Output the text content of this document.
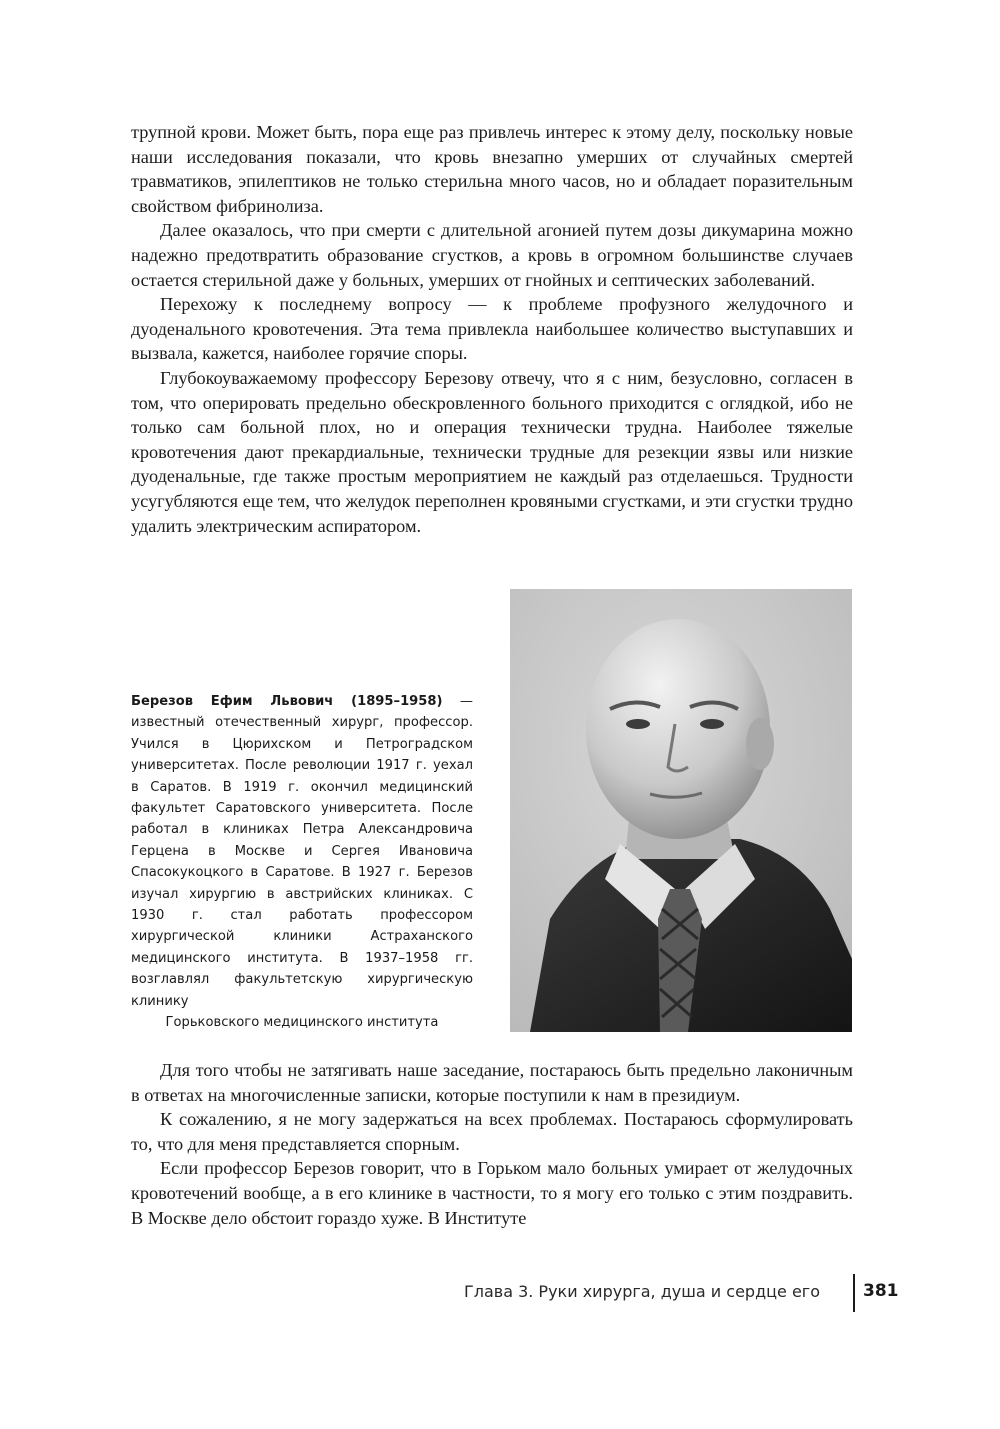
трупной крови. Может быть, пора еще раз привлечь интерес к этому делу, поскольку новые наши исследования показали, что кровь внезапно умерших от случайных смертей травматиков, эпилептиков не только стерильна много часов, но и обладает поразительным свойством фибринолиза.

Далее оказалось, что при смерти с длительной агонией путем дозы дикумарина можно надежно предотвратить образование сгустков, а кровь в огромном большинстве случаев остается стерильной даже у больных, умерших от гнойных и септических заболеваний.

Перехожу к последнему вопросу — к проблеме профузного желудочного и дуоденального кровотечения. Эта тема привлекла наибольшее количество выступавших и вызвала, кажется, наиболее горячие споры.

Глубокоуважаемому профессору Березову отвечу, что я с ним, безусловно, согласен в том, что оперировать предельно обескровленного больного приходится с оглядкой, ибо не только сам больной плох, но и операция технически трудна. Наиболее тяжелые кровотечения дают прекардиальные, технически трудные для резекции язвы или низкие дуоденальные, где также простым мероприятием не каждый раз отделаешься. Трудности усугубляются еще тем, что желудок переполнен кровяными сгустками, и эти сгустки трудно удалить электрическим аспиратором.

Березов Ефим Львович (1895–1958) — известный отечественный хирург, профессор. Учился в Цюрихском и Петроградском университетах. После революции 1917 г. уехал в Саратов. В 1919 г. окончил медицинский факультет Саратовского университета. После работал в клиниках Петра Александровича Герцена в Москве и Сергея Ивановича Спасокукоцкого в Саратове. В 1927 г. Березов изучал хирургию в австрийских клиниках. С 1930 г. стал работать профессором хирургической клиники Астраханского медицинского института. В 1937–1958 гг. возглавлял факультетскую хирургическую клинику
Горьковского медицинского института

Для того чтобы не затягивать наше заседание, постараюсь быть предельно лаконичным в ответах на многочисленные записки, которые поступили к нам в президиум.

К сожалению, я не могу задержаться на всех проблемах. Постараюсь сформулировать то, что для меня представляется спорным.

Если профессор Березов говорит, что в Горьком мало больных умирает от желудочных кровотечений вообще, а в его клинике в частности, то я могу его только с этим поздравить. В Москве дело обстоит гораздо хуже. В Институте

Глава 3. Руки хирурга, душа и сердце его	381
